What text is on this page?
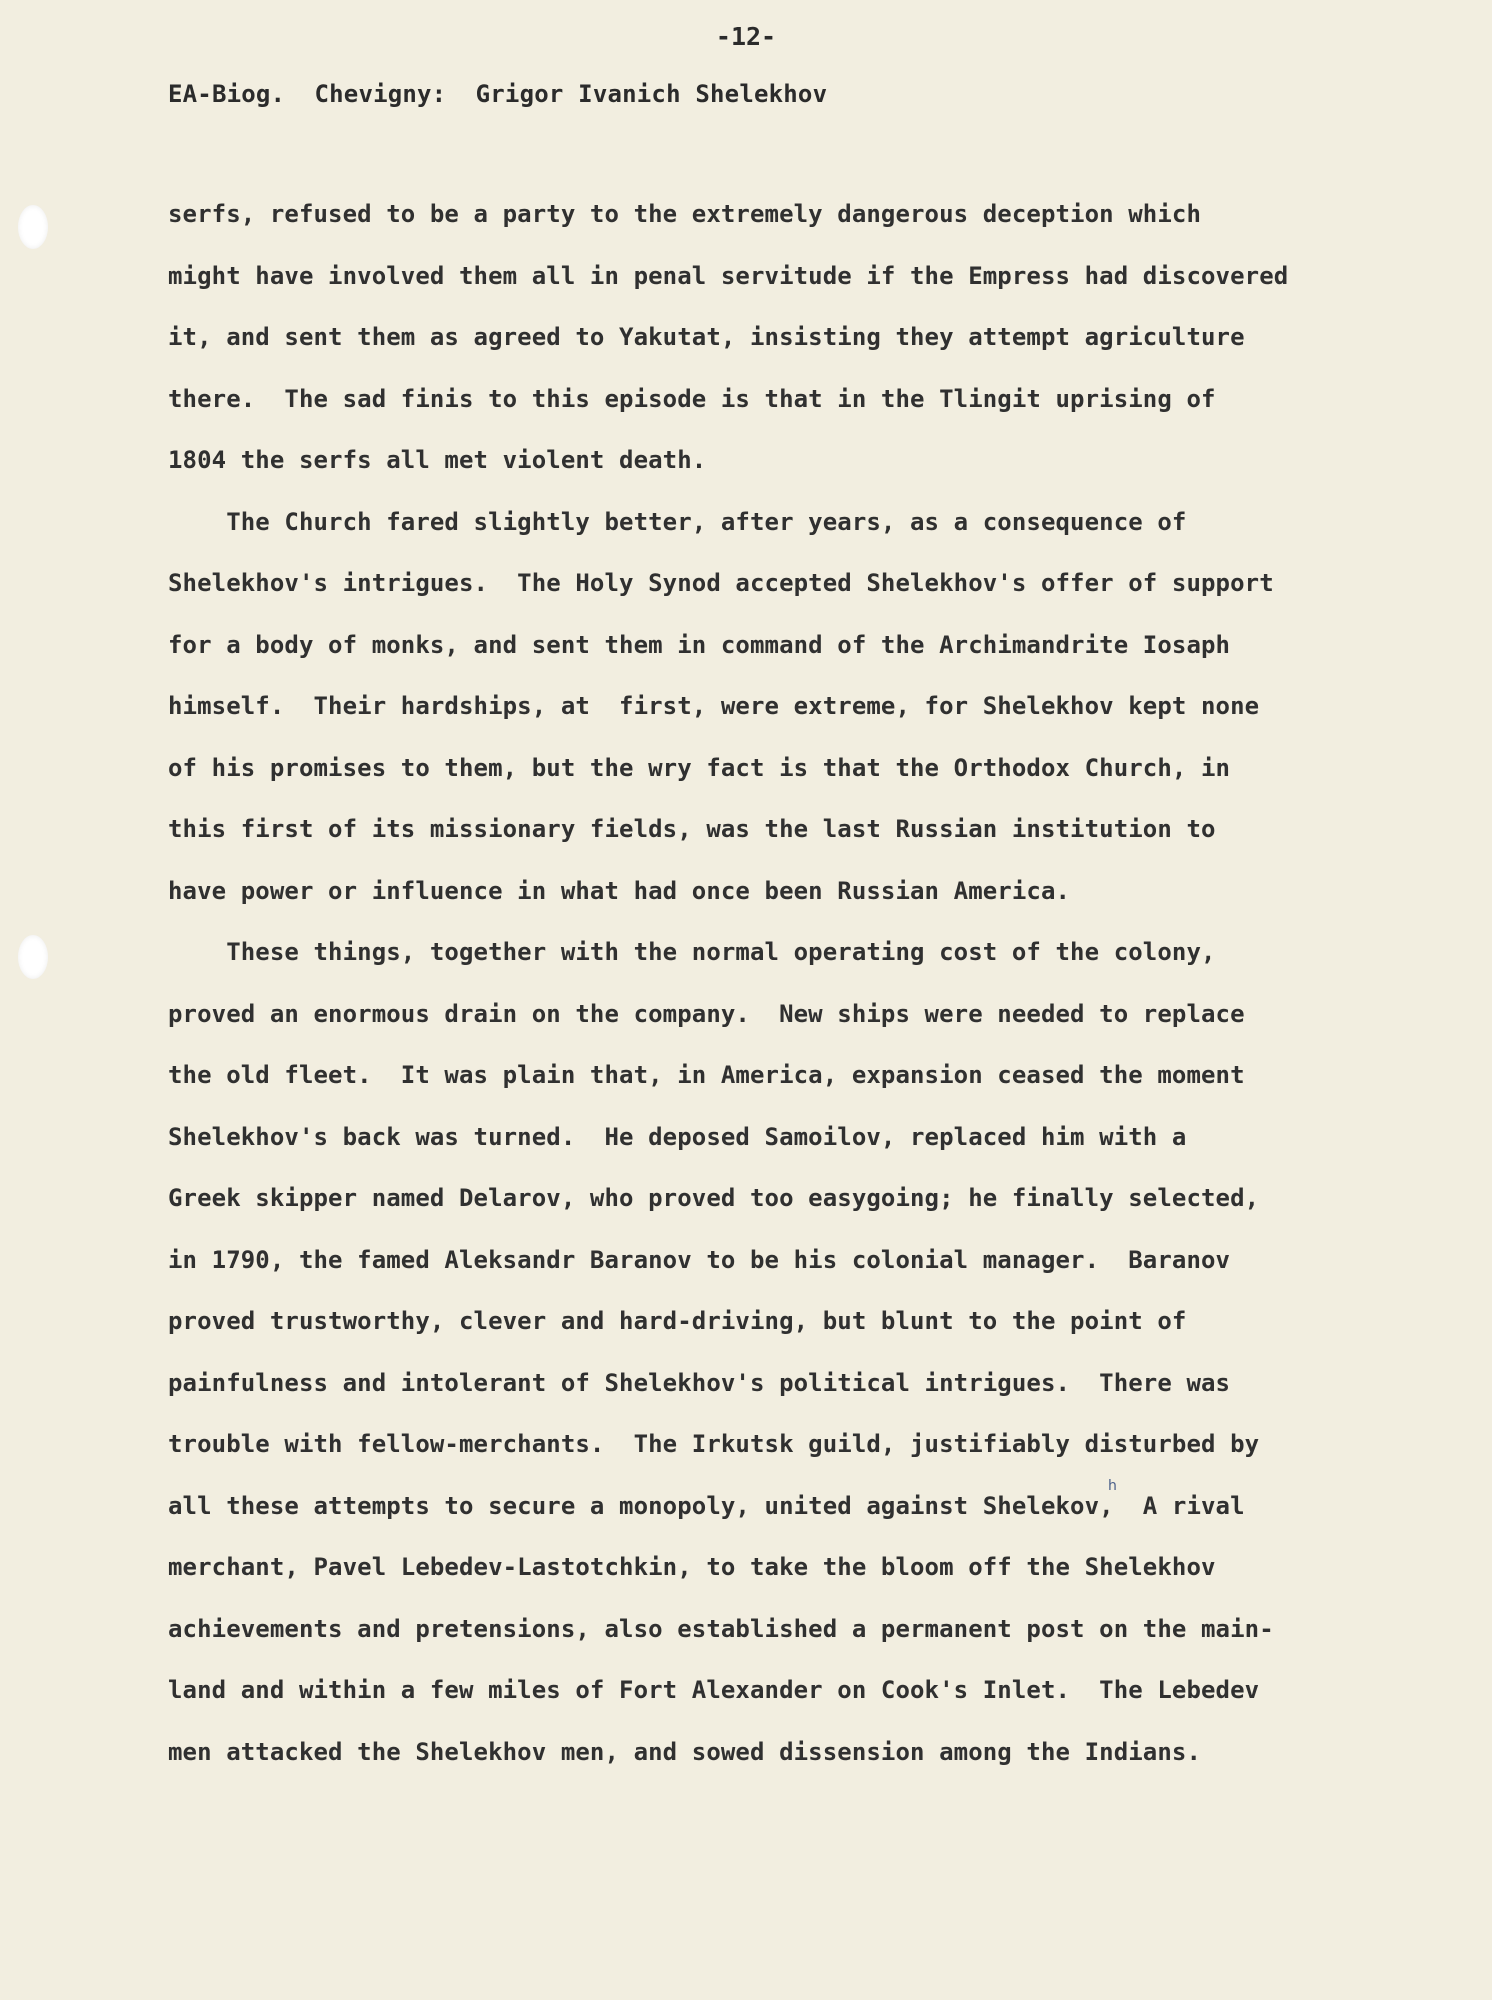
-12-
EA-Biog.  Chevigny:  Grigor Ivanich Shelekhov
serfs, refused to be a party to the extremely dangerous deception which
might have involved them all in penal servitude if the Empress had discovered
it, and sent them as agreed to Yakutat, insisting they attempt agriculture
there.  The sad finis to this episode is that in the Tlingit uprising of
1804 the serfs all met violent death.
The Church fared slightly better, after years, as a consequence of
Shelekhov's intrigues.  The Holy Synod accepted Shelekhov's offer of support
for a body of monks, and sent them in command of the Archimandrite Iosaph
himself.  Their hardships, at  first, were extreme, for Shelekhov kept none
of his promises to them, but the wry fact is that the Orthodox Church, in
this first of its missionary fields, was the last Russian institution to
have power or influence in what had once been Russian America.
These things, together with the normal operating cost of the colony,
proved an enormous drain on the company.  New ships were needed to replace
the old fleet.  It was plain that, in America, expansion ceased the moment
Shelekhov's back was turned.  He deposed Samoilov, replaced him with a
Greek skipper named Delarov, who proved too easygoing; he finally selected,
in 1790, the famed Aleksandr Baranov to be his colonial manager.  Baranov
proved trustworthy, clever and hard-driving, but blunt to the point of
painfulness and intolerant of Shelekhov's political intrigues.  There was
trouble with fellow-merchants.  The Irkutsk guild, justifiably disturbed by
all these attempts to secure a monopoly, united against Shelekov,  A rival
merchant, Pavel Lebedev-Lastotchkin, to take the bloom off the Shelekhov
achievements and pretensions, also established a permanent post on the main-
land and within a few miles of Fort Alexander on Cook's Inlet.  The Lebedev
men attacked the Shelekhov men, and sowed dissension among the Indians.
h
